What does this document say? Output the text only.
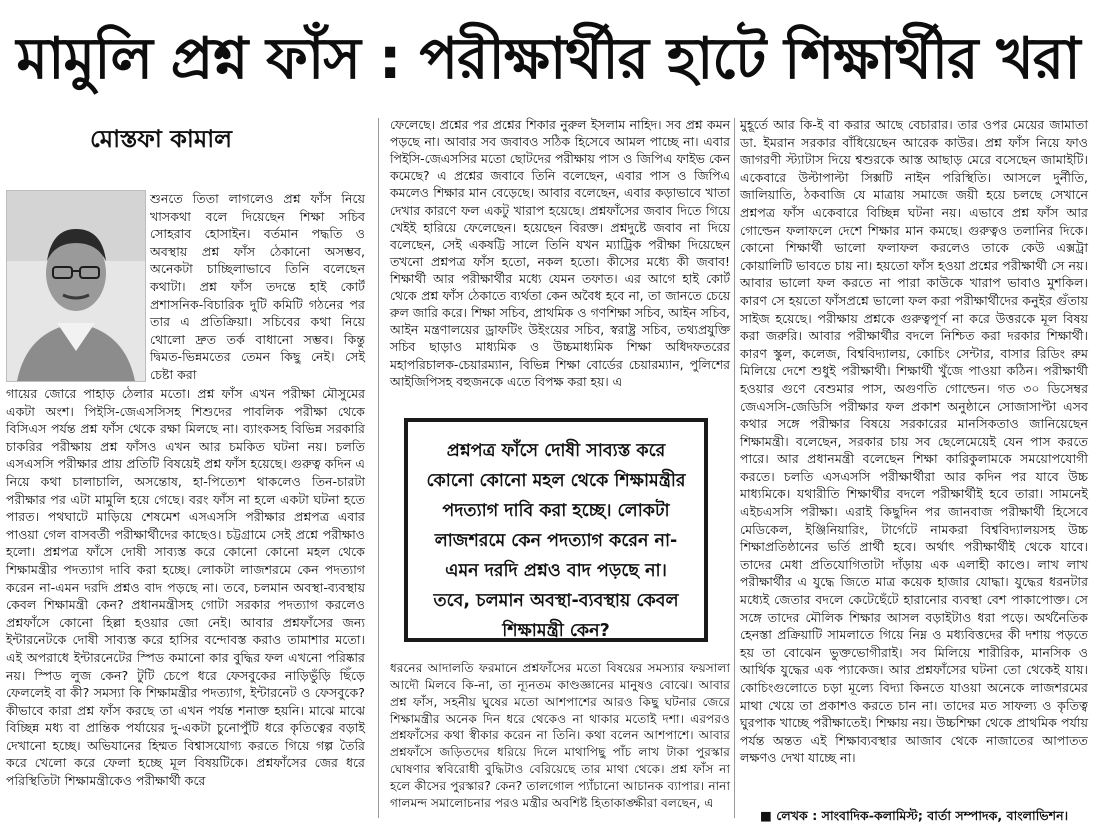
মামুলি প্রশ্ন ফাঁস : পরীক্ষার্থীর হাটে শিক্ষার্থীর খরা
মোস্তফা কামাল

শুনতে তিতা লাগলেও প্রশ্ন ফাঁস নিয়ে খাসকথা বলে দিয়েছেন শিক্ষা সচিব সোহরাব হোসাইন। বর্তমান পদ্ধতি ও অবস্থায় প্রশ্ন ফাঁস ঠেকানো অসম্ভব, অনেকটা চাচ্ছিলাভাবে তিনি বলেছেন কথাটা। প্রশ্ন ফাঁস তদন্তে হাই কোর্ট প্রশাসনিক-বিচারিক দুটি কমিটি গঠনের পর তার এ প্রতিক্রিয়া। সচিবের কথা নিয়ে থোলো দ্রুত তর্ক বাধানো সম্ভব। কিন্তু দ্বিমত-ভিন্নমতের তেমন কিছু নেই। সেই চেষ্টা করা

গায়ের জোরে পাহাড় ঠেলার মতো। প্রশ্ন ফাঁস এখন পরীক্ষা মৌসুমের একটা অংশ। পিইসি-জেএসসিসহ শিশুদের পাবলিক পরীক্ষা থেকে বিসিএস পর্যন্ত প্রশ্ন ফাঁস থেকে রক্ষা মিলছে না। ব্যাংকসহ বিভিন্ন সরকারি চাকরির পরীক্ষায় প্রশ্ন ফাঁসও এখন আর চমকিত ঘটনা নয়। চলতি এসএসসি পরীক্ষার প্রায় প্রতিটি বিষয়েই প্রশ্ন ফাঁস হয়েছে। গুরুত্ব কদিন এ নিয়ে কথা চালাচালি, অসন্তোষ, হা-পিত্যেশ থাকলেও তিন-চারটা পরীক্ষার পর এটা মামুলি হয়ে গেছে। বরং ফাঁস না হলে একটা ঘটনা হতে পারত। পথঘাটে মাড়িয়ে শেষমেশ এসএসসি পরীক্ষার প্রশ্নপত্র এবার পাওয়া গেল বাসবর্তী পরীক্ষার্থীদের কাছেও। চট্টগ্রামে সেই প্রশ্নে পরীক্ষাও হলো। প্রশ্নপত্র ফাঁসে দোষী সাব্যস্ত করে কোনো কোনো মহল থেকে শিক্ষামন্ত্রীর পদত্যাগ দাবি করা হচ্ছে। লোকটা লাজশরমে কেন পদত্যাগ করেন না-এমন দরদি প্রশ্নও বাদ পড়ছে না। তবে, চলমান অবস্থা-ব্যবস্থায় কেবল শিক্ষামন্ত্রী কেন? প্রধানমন্ত্রীসহ গোটা সরকার পদত্যাগ করলেও প্রশ্নফাঁসে কোনো হিল্লা হওয়ার জো নেই। আবার প্রশ্নফাঁসের জন্য ইন্টারনেটকে দোষী সাব্যস্ত করে হাসির বন্দোবস্ত করাও তামাশার মতো। এই অপরাধে ইন্টারনেটের স্পিড কমানো কার বুদ্ধির ফল এখনো পরিষ্কার নয়। স্পিড লুজ কেন? টুটি চেপে ধরে ফেসবুকের নাড়িভুঁড়ি ছিঁড়ে ফেললেই বা কী? সমস্যা কি শিক্ষামন্ত্রীর পদত্যাগ, ইন্টারনেট ও ফেসবুকে? কীভাবে কারা প্রশ্ন ফাঁস করছে তা এখন পর্যন্ত শনাক্ত হয়নি। মাঝে মাঝে বিচ্ছিন্ন মধ্য বা প্রান্তিক পর্যায়ের দু-একটা চুনোপুঁটি ধরে কৃতিত্বের বড়াই দেখানো হচ্ছে। অভিযানের হিম্মত বিশ্বাসযোগ্য করতে গিয়ে গল্প তৈরি করে খেলো করে ফেলা হচ্ছে মূল বিষয়টিকে। প্রশ্নফাঁসের জের ধরে পরিস্থিতিটা শিক্ষামন্ত্রীকেও পরীক্ষার্থী করে

ফেলেছে। প্রশ্নের পর প্রশ্নের শিকার নুরুল ইসলাম নাহিদ। সব প্রশ্ন কমন পড়ছে না। আবার সব জবাবও সঠিক হিসেবে আমল পাচ্ছে না। এবার পিইসি-জেএসসির মতো ছোটদের পরীক্ষায় পাস ও জিপিএ ফাইভ কেন কমেছে? এ প্রশ্নের জবাবে তিনি বলেছেন, এবার পাস ও জিপিএ কমলেও শিক্ষার মান বেড়েছে। আবার বলেছেন, এবার কড়াভাবে খাতা দেখার কারণে ফল একটু খারাপ হয়েছে। প্রশ্নফাঁসের জবাব দিতে গিয়ে খেইই হারিয়ে ফেলেছেন। হয়েছেন বিরক্ত। প্রশ্নদুষ্টে জবাব না দিয়ে বলেছেন, সেই একষট্টি সালে তিনি যখন ম্যাট্রিক পরীক্ষা দিয়েছেন তখনো প্রশ্নপত্র ফাঁস হতো, নকল হতো। কীসের মধ্যে কী জবাব! শিক্ষার্থী আর পরীক্ষার্থীর মধ্যে যেমন তফাত। এর আগে হাই কোর্ট থেকে প্রশ্ন ফাঁস ঠেকাতে ব্যর্থতা কেন অবৈধ হবে না, তা জানতে চেয়ে রুল জারি করে। শিক্ষা সচিব, প্রাথমিক ও গণশিক্ষা সচিব, আইন সচিব, আইন মন্ত্রণালয়ের ড্রাফটিং উইংয়ের সচিব, স্বরাষ্ট্র সচিব, তথ্যপ্রযুক্তি সচিব ছাড়াও মাধ্যমিক ও উচ্চমাধ্যমিক শিক্ষা অধিদফতরের মহাপরিচালক-চেয়ারম্যান, বিভিন্ন শিক্ষা বোর্ডের চেয়ারম্যান, পুলিশের আইজিপিসহ বহুজনকে এতে বিপক্ষ করা হয়। এ

প্রশ্নপত্র ফাঁসে দোষী সাব্যস্ত করে কোনো কোনো মহল থেকে শিক্ষামন্ত্রীর পদত্যাগ দাবি করা হচ্ছে। লোকটা লাজশরমে কেন পদত্যাগ করেন না-এমন দরদি প্রশ্নও বাদ পড়ছে না। তবে, চলমান অবস্থা-ব্যবস্থায় কেবল শিক্ষামন্ত্রী কেন?

ধরনের আদালতি ফরমানে প্রশ্নফাঁসের মতো বিষয়ের সমস্যার ফয়সালা আদৌ মিলবে কি-না, তা ন্যূনতম কাণ্ডজ্ঞানের মানুষও বোঝে। আবার প্রশ্ন ফাঁস, সহনীয় ঘুষের মতো আশপাশের আরও কিছু ঘটনার জেরে শিক্ষামন্ত্রীর অনেক দিন ধরে থেকেও না থাকার মতোই দশা। এরপরও প্রশ্নফাঁসের কথা স্বীকার করেন না তিনি। কথা বলেন আশপাশে। আবার প্রশ্নফাঁসে জড়িতদের ধরিয়ে দিলে মাথাপিছু পাঁচ লাখ টাকা পুরস্কার ঘোষণার স্ববিরোধী বুদ্ধিটাও বেরিয়েছে তার মাথা থেকে। প্রশ্ন ফাঁস না হলে কীসের পুরস্কার? কেন? তালগোল প্যাঁচানো আচানক ব্যাপার। নানা গালমন্দ সমালোচনার পরও মন্ত্রীর অবশিষ্ট হিতাকাঙ্ক্ষীরা বলছেন, এ

মুহূর্তে আর কি-ই বা করার আছে বেচারার। তার ওপর মেয়ের জামাতা ডা. ইমরান সরকার বাঁধিয়েছেন আরেক কাউর। প্রশ্ন ফাঁস নিয়ে ফাও জাগরণী স্ট্যাটাস দিয়ে শ্বশুরকে আস্ত আছাড় মেরে বসেছেন জামাইটি। একেবারে উল্টাপাল্টা সিক্সটি নাইন পরিস্থিতি। আসলে দুর্নীতি, জালিয়াতি, ঠকবাজি যে মাত্রায় সমাজে জয়ী হয়ে চলছে সেখানে প্রশ্নপত্র ফাঁস একেবারে বিচ্ছিন্ন ঘটনা নয়। এভাবে প্রশ্ন ফাঁস আর গোল্ডেন ফলাফলে দেশে শিক্ষার মান কমছে। গুরুত্বও তলানির দিকে। কোনো শিক্ষার্থী ভালো ফলাফল করলেও তাকে কেউ এক্সট্রা কোয়ালিটি ভাবতে চায় না। হয়তো ফাঁস হওয়া প্রশ্নের পরীক্ষার্থী সে নয়। আবার ভালো ফল করতে না পারা কাউকে খারাপ ভাবাও মুশকিল। কারণ সে হয়তো ফাঁসপ্রশ্নে ভালো ফল করা পরীক্ষার্থীদের কনুইর গুঁতায় সাইজ হয়েছে। পরীক্ষায় প্রশ্নকে গুরুত্বপূর্ণ না করে উত্তরকে মূল বিষয় করা জরুরি। আবার পরীক্ষার্থীর বদলে নিশ্চিত করা দরকার শিক্ষার্থী। কারণ স্কুল, কলেজ, বিশ্ববিদ্যালয়, কোচিং সেন্টার, বাসার রিডিং রুম মিলিয়ে দেশে শুধুই পরীক্ষার্থী। শিক্ষার্থী খুঁজে পাওয়া কঠিন। পরীক্ষার্থী হওয়ার গুণে বেশুমার পাস, অগুণতি গোল্ডেন। গত ৩০ ডিসেম্বর জেএসসি-জেডিসি পরীক্ষার ফল প্রকাশ অনুষ্ঠানে সোজাসাপ্টা এসব কথার সঙ্গে পরীক্ষার বিষয়ে সরকারের মানসিকতাও জানিয়েছেন শিক্ষামন্ত্রী। বলেছেন, সরকার চায় সব ছেলেমেয়েই যেন পাস করতে পারে। আর প্রধানমন্ত্রী বলেছেন শিক্ষা কারিকুলামকে সময়োপযোগী করতে। চলতি এসএসসি পরীক্ষার্থীরা আর কদিন পর যাবে উচ্চ মাধ্যমিকে। যথারীতি শিক্ষার্থীর বদলে পরীক্ষার্থীই হবে তারা। সামনেই এইচএসসি পরীক্ষা। এরাই কিছুদিন পর জানবাজ পরীক্ষার্থী হিসেবে মেডিকেল, ইঞ্জিনিয়ারিং, টার্গেটে নামকরা বিশ্ববিদ্যালয়সহ উচ্চ শিক্ষাপ্রতিষ্ঠানের ভর্তি প্রার্থী হবে। অর্থাৎ পরীক্ষার্থীই থেকে যাবে। তাদের মেধা প্রতিযোগিতাটা দাঁড়ায় এক এলাহী কাণ্ডে। লাখ লাখ পরীক্ষার্থীর এ যুদ্ধে জিতে মাত্র কয়েক হাজার যোদ্ধা। যুদ্ধের ধরনটার মধ্যেই জেতার বদলে কেটেছেঁটে হারানোর ব্যবস্থা বেশ পাকাপোক্ত। সে সঙ্গে তাদের মৌলিক শিক্ষার আসল বড়াইটাও ধরা পড়ে। অর্থনৈতিক হেনস্তা প্রক্রিয়াটি সামলাতে গিয়ে নিম্ন ও মধ্যবিত্তদের কী দশায় পড়তে হয় তা বোঝেন ভুক্তভোগীরাই। সব মিলিয়ে শারীরিক, মানসিক ও আর্থিক যুদ্ধের এক প্যাকেজ। আর প্রশ্নফাঁসের ঘটনা তো থেকেই যায়। কোচিংগুলোতে চড়া মূল্যে বিদ্যা কিনতে যাওয়া অনেকে লাজশরমের মাথা খেয়ে তা প্রকাশও করতে চান না। তাদের মত সাফল্য ও কৃতিত্ব ঘুরপাক খাচ্ছে পরীক্ষাতেই। শিক্ষায় নয়। উচ্চশিক্ষা থেকে প্রাথমিক পর্যায় পর্যন্ত অন্তত এই শিক্ষাব্যবস্থার আজাব থেকে নাজাতের আপাতত লক্ষণও দেখা যাচ্ছে না।

■ লেখক : সাংবাদিক-কলামিস্ট; বার্তা সম্পাদক, বাংলাভিশন।
